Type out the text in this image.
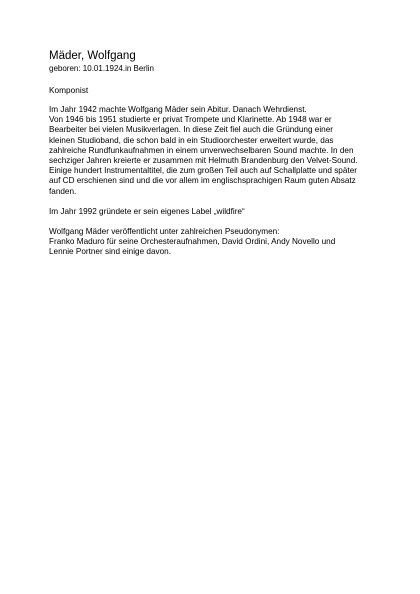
Mäder, Wolfgang
geboren: 10.01.1924.in Berlin
Komponist

Im Jahr 1942 machte Wolfgang Mäder sein Abitur. Danach Wehrdienst.
Von 1946 bis 1951 studierte er privat Trompete und Klarinette. Ab 1948 war er
Bearbeiter bei vielen Musikverlagen. In diese Zeit fiel auch die Gründung einer
kleinen Studioband, die schon bald in ein Studioorchester erweitert wurde, das
zahlreiche Rundfunkaufnahmen in einem unverwechselbaren Sound machte. In den
sechziger Jahren kreierte er zusammen mit Helmuth Brandenburg den Velvet-Sound.
Einige hundert Instrumentaltitel, die zum großen Teil auch auf Schallplatte und später
auf CD erschienen sind und die vor allem im englischsprachigen Raum guten Absatz
fanden.

Im Jahr 1992 gründete er sein eigenes Label „wildfire“

Wolfgang Mäder veröffentlicht unter zahlreichen Pseudonymen:
Franko Maduro für seine Orchesteraufnahmen, David Ordini, Andy Novello und
Lennie Portner sind einige davon.
